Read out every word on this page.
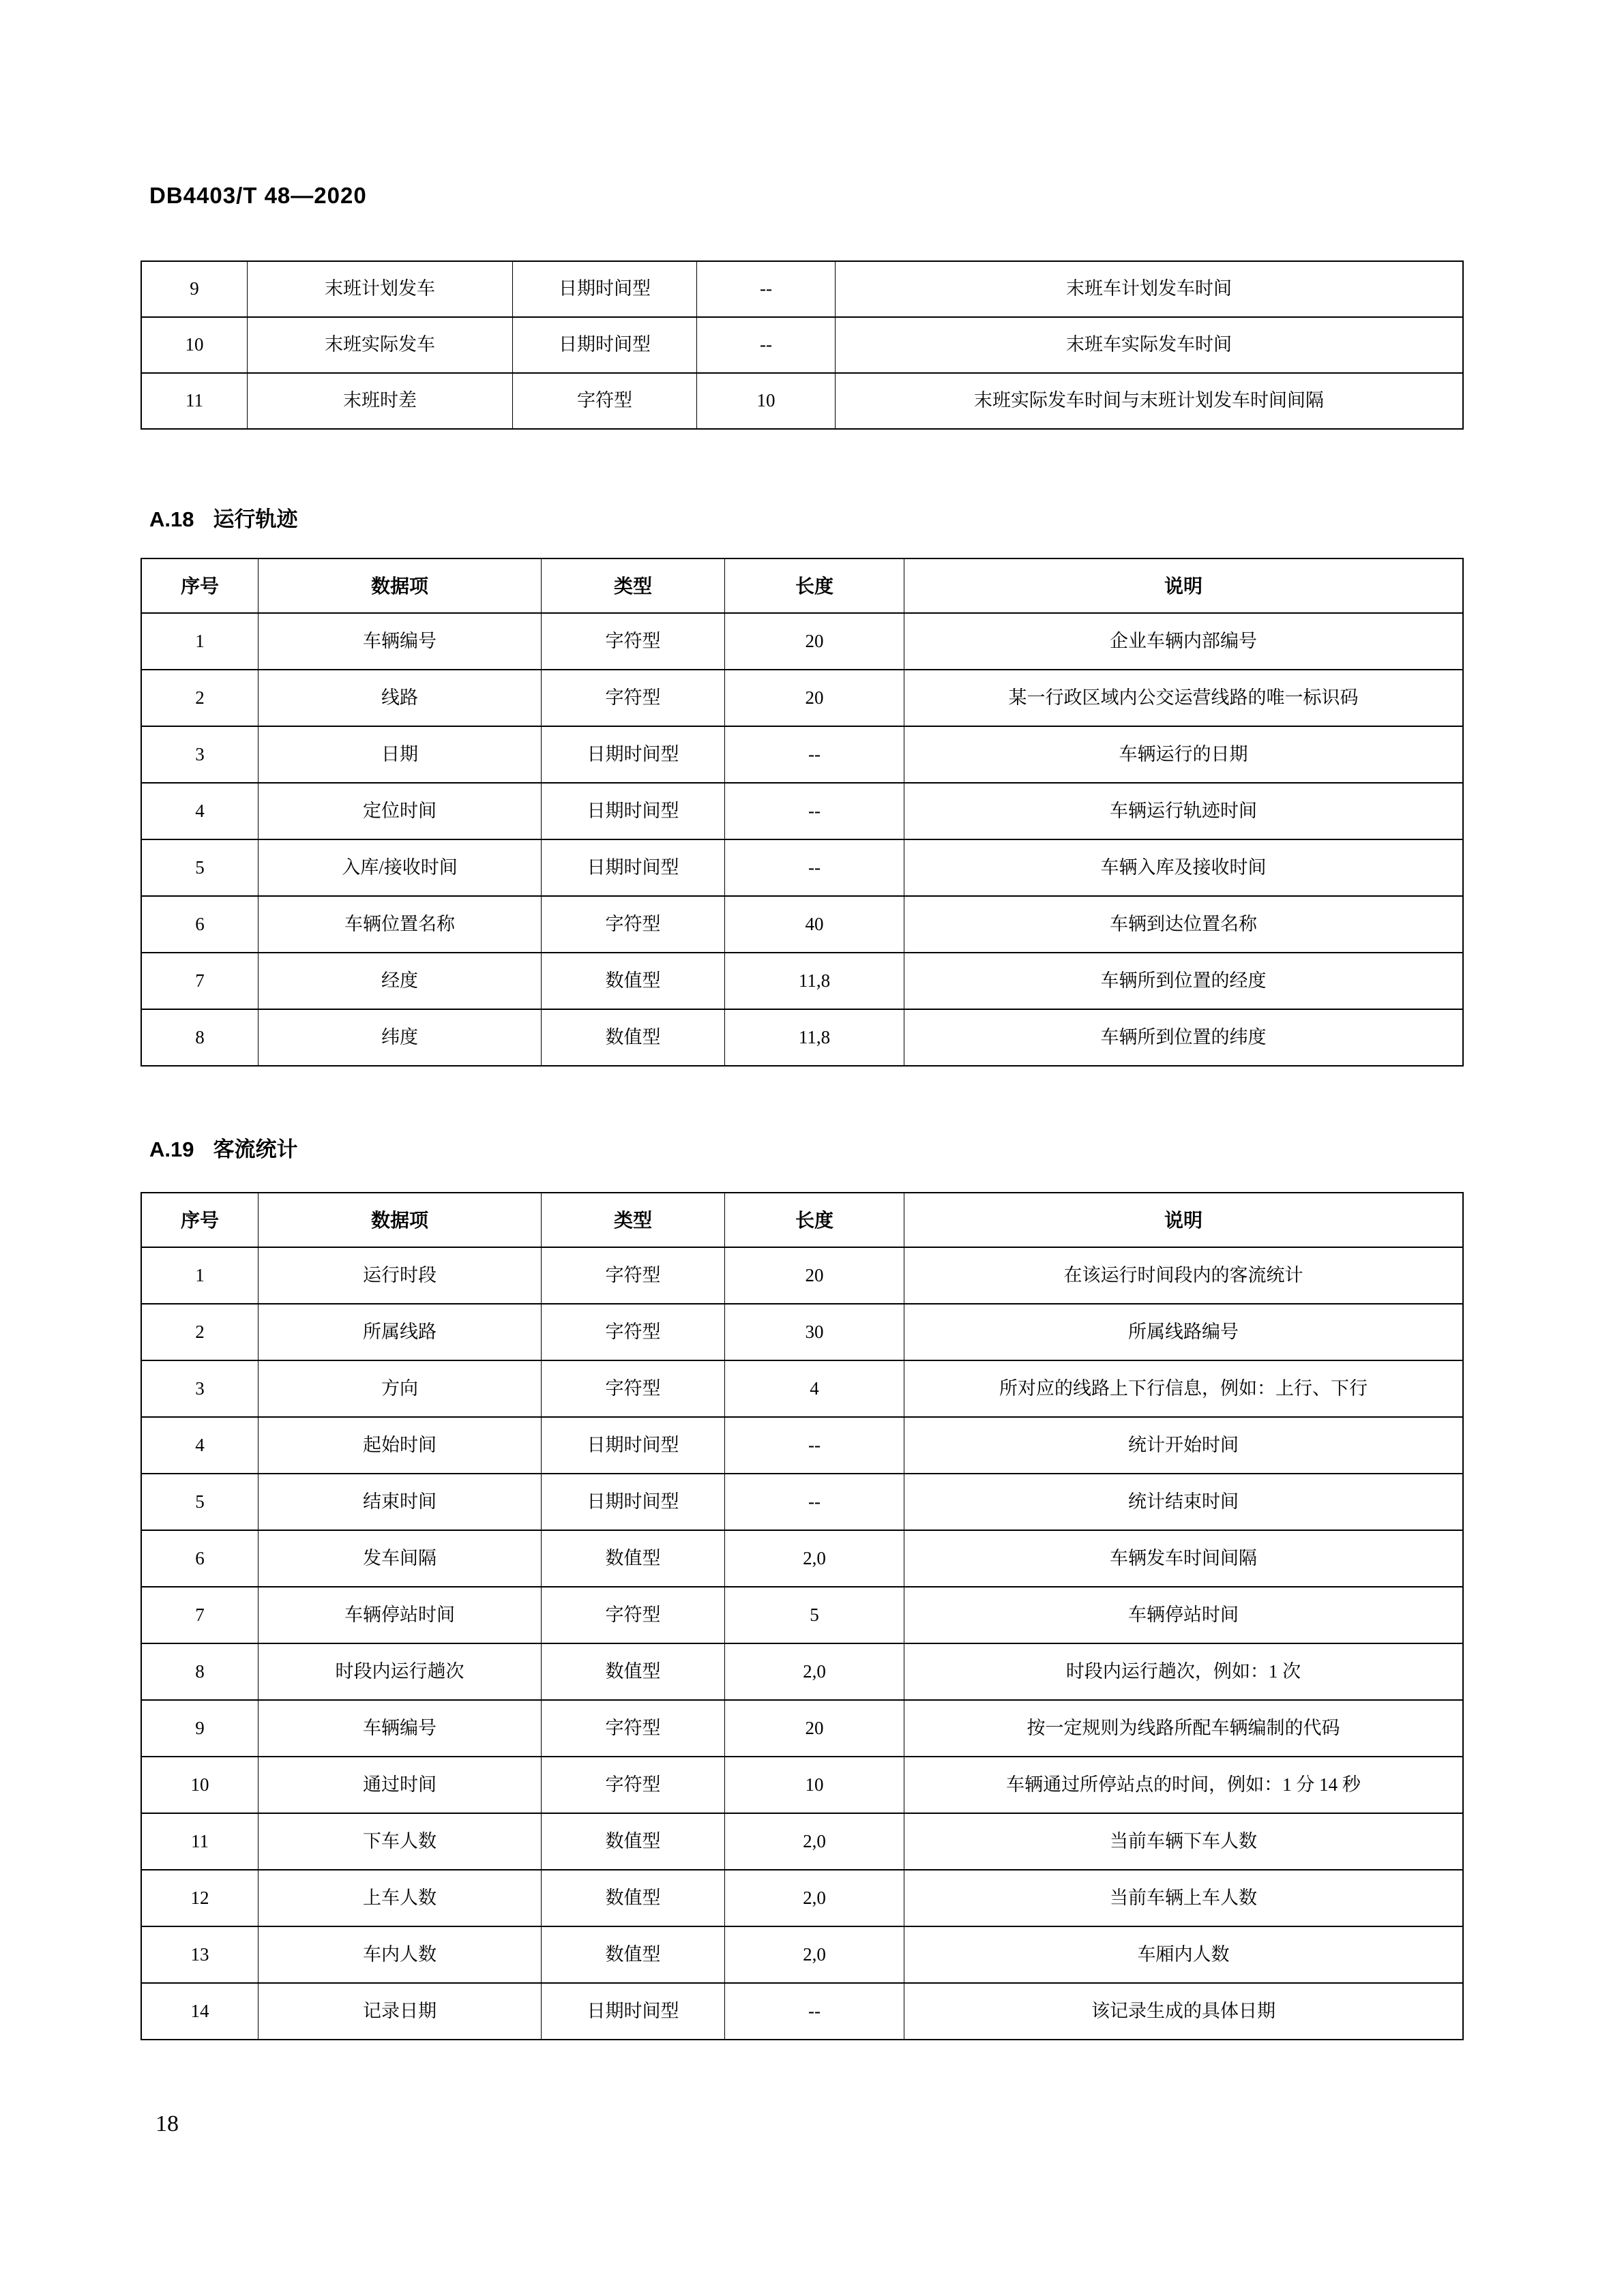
DB4403/T 48—2020
9	末班计划发车	日期时间型	--	末班车计划发车时间
10	末班实际发车	日期时间型	--	末班车实际发车时间
11	末班时差	字符型	10	末班实际发车时间与末班计划发车时间间隔
A.18 运行轨迹
序号	数据项	类型	长度	说明
1	车辆编号	字符型	20	企业车辆内部编号
2	线路	字符型	20	某一行政区域内公交运营线路的唯一标识码
3	日期	日期时间型	--	车辆运行的日期
4	定位时间	日期时间型	--	车辆运行轨迹时间
5	入库/接收时间	日期时间型	--	车辆入库及接收时间
6	车辆位置名称	字符型	40	车辆到达位置名称
7	经度	数值型	11,8	车辆所到位置的经度
8	纬度	数值型	11,8	车辆所到位置的纬度
A.19 客流统计
序号	数据项	类型	长度	说明
1	运行时段	字符型	20	在该运行时间段内的客流统计
2	所属线路	字符型	30	所属线路编号
3	方向	字符型	4	所对应的线路上下行信息，例如：上行、下行
4	起始时间	日期时间型	--	统计开始时间
5	结束时间	日期时间型	--	统计结束时间
6	发车间隔	数值型	2,0	车辆发车时间间隔
7	车辆停站时间	字符型	5	车辆停站时间
8	时段内运行趟次	数值型	2,0	时段内运行趟次，例如：1 次
9	车辆编号	字符型	20	按一定规则为线路所配车辆编制的代码
10	通过时间	字符型	10	车辆通过所停站点的时间，例如：1 分 14 秒
11	下车人数	数值型	2,0	当前车辆下车人数
12	上车人数	数值型	2,0	当前车辆上车人数
13	车内人数	数值型	2,0	车厢内人数
14	记录日期	日期时间型	--	该记录生成的具体日期
18
